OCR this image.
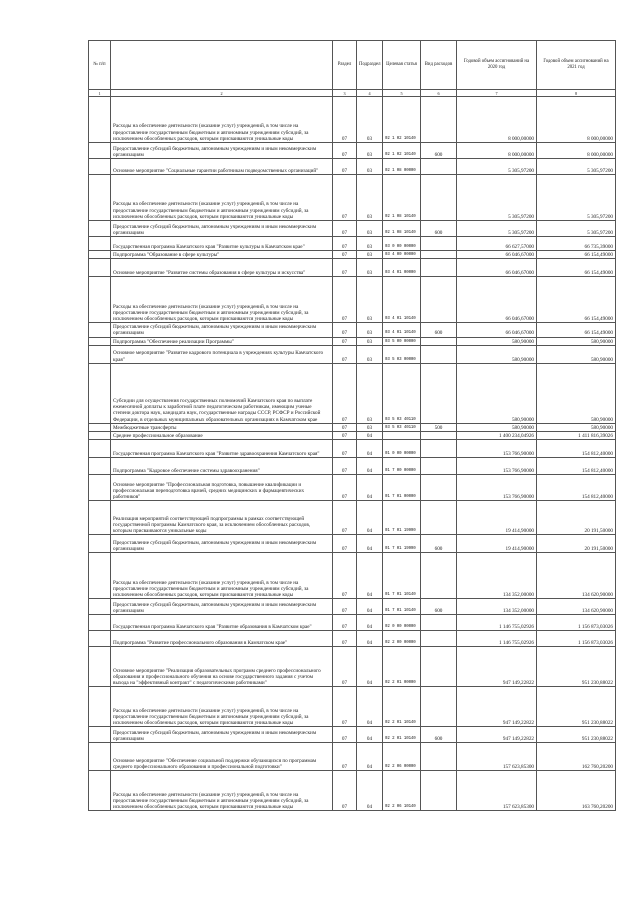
№ п/п		Раздел	Подраздел	Целевая статья	Вид расходов	Годовой объем ассигнований на 2020 год	Годовой объем ассигнований на 2021 год
1	2	3	4	5	6	7	8
	Расходы на обеспечение деятельности (оказание услуг) учреждений, в том числе на предоставление государственным бюджетным и автономным учреждениям субсидий, за исключением обособленных расходов, которым присваиваются уникальные коды	07	03	02 1 02 10140		8 000,00000	8 000,00000
	Предоставление субсидий бюджетным, автономным учреждениям и иным некоммерческим организациям	07	03	02 1 02 10140	600	8 000,00000	8 000,00000
	Основное мероприятие "Социальные гарантии работникам подведомственных организаций"	07	03	02 1 08 00000		5 305,97200	5 305,97200
	Расходы на обеспечение деятельности (оказание услуг) учреждений, в том числе на предоставление государственным бюджетным и автономным учреждениям субсидий, за исключением обособленных расходов, которым присваиваются уникальные коды	07	03	02 1 08 10140		5 305,97200	5 305,97200
	Предоставление субсидий бюджетным, автономным учреждениям и иным некоммерческим организациям	07	03	02 1 08 10140	600	5 305,97200	5 305,97200
	Государственная программа Камчатского края "Развитие культуры в Камчатском крае"	07	03	03 0 00 00000		66 627,57000	66 735,39000
	Подпрограмма "Образование в сфере культуры"	07	03	03 4 00 00000		66 046,67000	66 154,49000
	Основное мероприятие "Развитие системы образования в сфере культуры и искусства"	07	03	03 4 01 00000		66 046,67000	66 154,49000
	Расходы на обеспечение деятельности (оказание услуг) учреждений, в том числе на предоставление государственным бюджетным и автономным учреждениям субсидий, за исключением обособленных расходов, которым присваиваются уникальные коды	07	03	03 4 01 10140		66 046,67000	66 154,49000
	Предоставление субсидий бюджетным, автономным учреждениям и иным некоммерческим организациям	07	03	03 4 01 10140	600	66 046,67000	66 154,49000
	Подпрограмма "Обеспечение реализации Программы"	07	03	03 5 00 00000		580,90000	580,90000
	Основное мероприятие "Развитие кадрового потенциала в учреждениях культуры Камчатского края"	07	03	03 5 03 00000		580,90000	580,90000
	Субсидии для осуществления государственных полномочий Камчатского края по выплате ежемесячной доплаты к заработной плате педагогическим работникам, имеющим ученые степени доктора наук, кандидата наук, государственные награды СССР, РСФСР и Российской Федерации, в отдельных муниципальных образовательных организациях в Камчатском крае	07	03	03 5 03 40110		580,90000	580,90000
	Межбюджетные трансферты	07	03	03 5 03 40110	500	580,90000	580,90000
	Среднее профессиональное образование	07	04			1 400 234,04926	1 411 816,39026
	Государственная программа Камчатского края "Развитие здравоохранения Камчатского края"	07	04	01 0 00 00000		153 766,90000	154 812,40000
	Подпрограмма "Кадровое обеспечение системы здравоохранения"	07	04	01 7 00 00000		153 766,90000	154 812,40000
	Основное мероприятие "Профессиональная подготовка, повышение квалификации и профессиональная переподготовка врачей, средних медицинских и фармацевтических работников"	07	04	01 7 01 00000		153 766,90000	154 812,40000
	Реализация мероприятий соответствующей подпрограммы в рамках соответствующей государственной программы Камчатского края, за исключением обособленных расходов, которым присваиваются уникальные коды	07	04	01 7 01 19990		19 414,90000	20 191,50000
	Предоставление субсидий бюджетным, автономным учреждениям и иным некоммерческим организациям	07	04	01 7 01 19990	600	19 414,90000	20 191,50000
	Расходы на обеспечение деятельности (оказание услуг) учреждений, в том числе на предоставление государственным бюджетным и автономным учреждениям субсидий, за исключением обособленных расходов, которым присваиваются уникальные коды	07	04	01 7 01 10140		134 352,00000	134 620,90000
	Предоставление субсидий бюджетным, автономным учреждениям и иным некоммерческим организациям	07	04	01 7 01 10140	600	134 352,00000	134 620,90000
	Государственная программа Камчатского края "Развитие образования в Камчатском крае"	07	04	02 0 00 00000		1 146 755,02926	1 156 873,03026
	Подпрограмма "Развитие профессионального образования в Камчатском крае"	07	04	02 2 00 00000		1 146 755,02926	1 156 873,03026
	Основное мероприятие "Реализация образовательных программ среднего профессионального образования и профессионального обучения на основе государственного задания с учетом выхода на "эффективный контракт" с педагогическими работниками"	07	04	02 2 01 00000		947 149,22822	951 230,88022
	Расходы на обеспечение деятельности (оказание услуг) учреждений, в том числе на предоставление государственным бюджетным и автономным учреждениям субсидий, за исключением обособленных расходов, которым присваиваются уникальные коды	07	04	02 2 01 10140		947 149,22822	951 230,88022
	Предоставление субсидий бюджетным, автономным учреждениям и иным некоммерческим организациям	07	04	02 2 01 10140	600	947 149,22822	951 230,88022
	Основное мероприятие "Обеспечение социальной поддержки обучающихся по программам среднего профессионального образования и профессиональной подготовки"	07	04	02 2 06 00000		157 623,85300	162 760,20200
	Расходы на обеспечение деятельности (оказание услуг) учреждений, в том числе на предоставление государственным бюджетным и автономным учреждениям субсидий, за исключением обособленных расходов, которым присваиваются уникальные коды	07	04	02 2 06 10140		157 623,85300	163 760,20200
